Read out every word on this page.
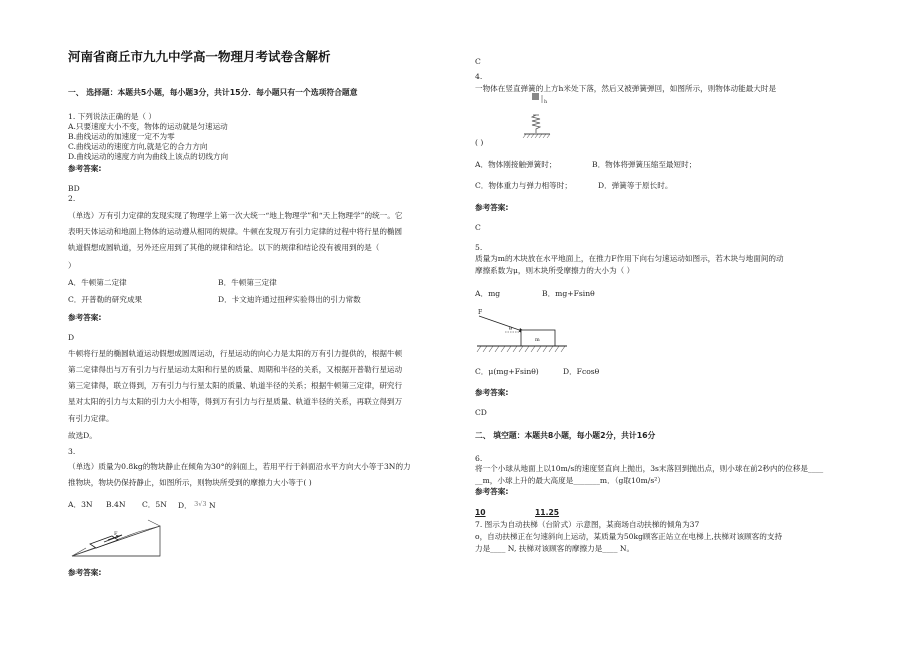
河南省商丘市九九中学高一物理月考试卷含解析
一、 选择题：本题共5小题，每小题3分，共计15分．每小题只有一个选项符合题意
1. 下列说法正确的是（ ）
A.只要速度大小不变，物体的运动就是匀速运动
B.曲线运动的加速度一定不为零
C.曲线运动的速度方向,就是它的合力方向
D.曲线运动的速度方向为曲线上该点的切线方向
参考答案:
BD
2.
（单选）万有引力定律的发现实现了物理学上第一次大统一“地上物理学”和“天上物理学”的统一。它
表明天体运动和地面上物体的运动遵从相同的规律。牛顿在发现万有引力定律的过程中将行星的椭圆
轨道假想成圆轨道，另外还应用到了其他的规律和结论。以下的规律和结论没有被用到的是（
）
A．牛顿第二定律	B．牛顿第三定律
C．开普勒的研究成果	D．卡文迪许通过扭秤实验得出的引力常数
参考答案:
D
牛顿将行星的椭圆轨道运动假想成圆周运动，行星运动的向心力是太阳的万有引力提供的，根据牛顿
第二定律得出与万有引力与行星运动太阳和行星的质量、周期和半径的关系，又根据开普勒行星运动
第三定律得，联立得到，万有引力与行星太阳的质量、轨道半径的关系；根据牛顿第三定律，研究行
星对太阳的引力与太阳的引力大小相等，得到万有引力与行星质量、轨道半径的关系，再联立得到万
有引力定律。
故选D。
3.
（单选）质量为0.8kg的物块静止在倾角为30°的斜面上，若用平行于斜面沿水平方向大小等于3N的力
推物块，物块仍保持静止，如图所示，则物块所受到的摩擦力大小等于( )
A．3N B.4N C．5N D． 3√3 N
F
参考答案:
C
4.
一物体在竖直弹簧的上方h米处下落，然后又被弹簧弹回，如图所示，则物体动能最大时是
h
( )
A．物体刚接触弹簧时；	B．物体将弹簧压缩至最短时；
C．物体重力与弹力相等时；	D．弹簧等于原长时。
参考答案:
C
5.
质量为m的木块放在水平地面上，在推力F作用下向右匀速运动如图示，若木块与地面间的动
摩擦系数为μ，则木块所受摩擦力的大小为（ ）
A．mg	B．mg+Fsinθ
F
θ
m
C．μ(mg+Fsinθ)	D．Fcosθ
参考答案:
CD
二、 填空题：本题共8小题，每小题2分，共计16分
6.
将一个小球从地面上以10m/s的速度竖直向上抛出，3s末落回到抛出点，则小球在前2秒内的位移是____
__m，小球上升的最大高度是_______m．（g取10m/s²）
参考答案:
10	11.25
7. 图示为自动扶梯（台阶式）示意图，某商场自动扶梯的倾角为37
o，自动扶梯正在匀速斜向上运动，某质量为50kg顾客正站立在电梯上,扶梯对该顾客的支持
力是____ N, 扶梯对该顾客的摩擦力是____ N。
